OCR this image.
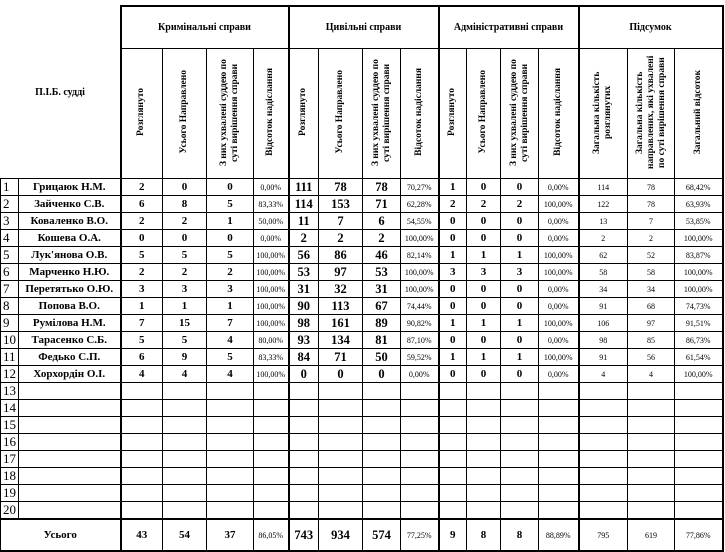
П.І.Б. судді		Кримінальні справи				Цивільні справи				Адміністративні справи				Підсумок		
		Розглянуто	Усього Направлено	З них ухвалені суддею по суті вирішення справи	Відсоток надіслання	Розглянуто	Усього Направлено	З них ухвалені суддею по суті вирішення справи	Відсоток надіслання	Розглянуто	Усього Направлено	З них ухвалені суддею по суті вирішення справи	Відсоток надіслання	Загальна кількість розглянутих	Загальна кількість направлених, які ухвалені по суті вирішення справи	Загальний відсоток
1	Грицаюк Н.М.	2	0	0	0,00%	111	78	78	70,27%	1	0	0	0,00%	114	78	68,42%
2	Зайченко С.В.	6	8	5	83,33%	114	153	71	62,28%	2	2	2	100,00%	122	78	63,93%
3	Коваленко В.О.	2	2	1	50,00%	11	7	6	54,55%	0	0	0	0,00%	13	7	53,85%
4	Кошева О.А.	0	0	0	0,00%	2	2	2	100,00%	0	0	0	0,00%	2	2	100,00%
5	Лук'янова О.В.	5	5	5	100,00%	56	86	46	82,14%	1	1	1	100,00%	62	52	83,87%
6	Марченко Н.Ю.	2	2	2	100,00%	53	97	53	100,00%	3	3	3	100,00%	58	58	100,00%
7	Перетятько О.Ю.	3	3	3	100,00%	31	32	31	100,00%	0	0	0	0,00%	34	34	100,00%
8	Попова В.О.	1	1	1	100,00%	90	113	67	74,44%	0	0	0	0,00%	91	68	74,73%
9	Румілова Н.М.	7	15	7	100,00%	98	161	89	90,82%	1	1	1	100,00%	106	97	91,51%
10	Тарасенко С.Б.	5	5	4	80,00%	93	134	81	87,10%	0	0	0	0,00%	98	85	86,73%
11	Федько С.П.	6	9	5	83,33%	84	71	50	59,52%	1	1	1	100,00%	91	56	61,54%
12	Хорхордін О.І.	4	4	4	100,00%	0	0	0	0,00%	0	0	0	0,00%	4	4	100,00%
13																
14																
15																
16																
17																
18																
19																
20																
Усього		43	54	37	86,05%	743	934	574	77,25%	9	8	8	88,89%	795	619	77,86%
